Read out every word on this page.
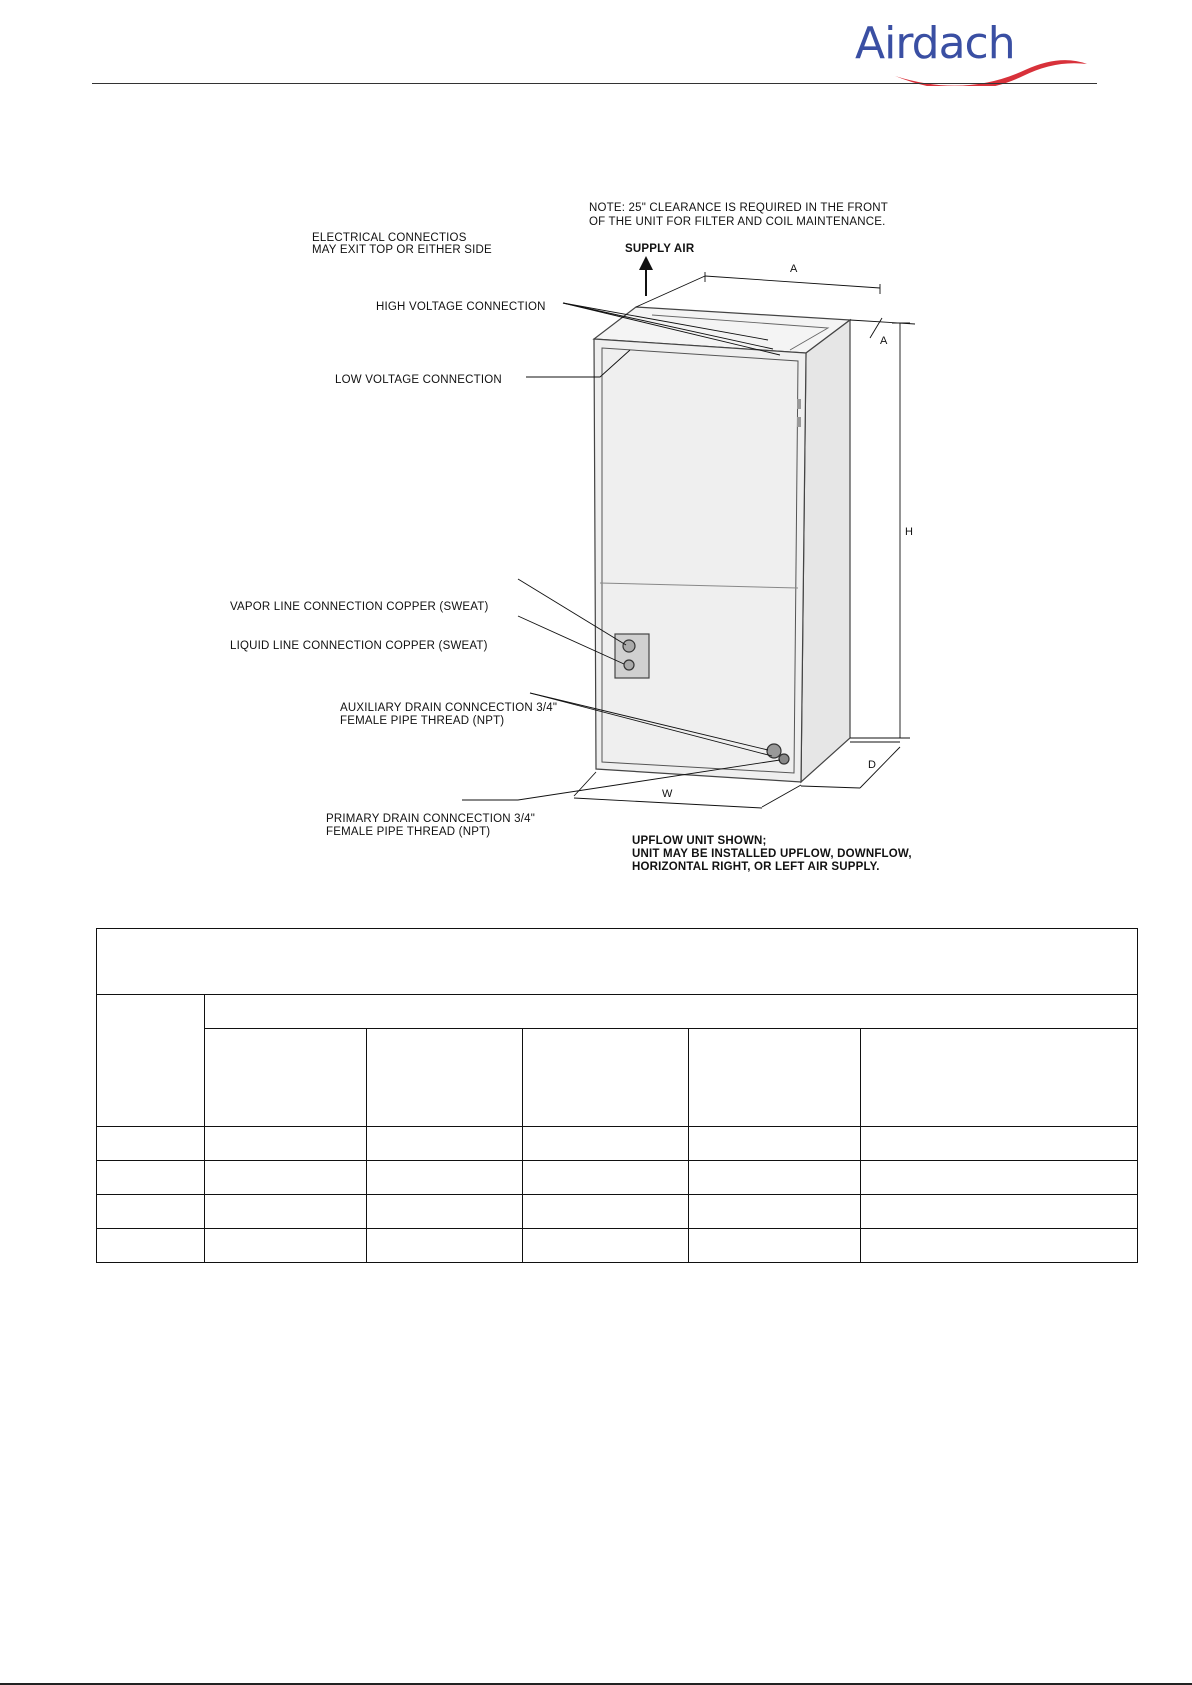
Airdach
A
A
H
W
D
NOTE: 25" CLEARANCE IS REQUIRED IN THE FRONT
OF THE UNIT FOR FILTER AND COIL MAINTENANCE.
ELECTRICAL CONNECTIOS
MAY EXIT TOP OR EITHER SIDE	SUPPLY AIR
HIGH VOLTAGE CONNECTION
LOW VOLTAGE CONNECTION
VAPOR LINE CONNECTION COPPER (SWEAT)
LIQUID LINE CONNECTION COPPER (SWEAT)
AUXILIARY DRAIN CONNCECTION 3/4"
FEMALE PIPE THREAD (NPT)
PRIMARY DRAIN CONNCECTION 3/4"
FEMALE PIPE THREAD (NPT)
UPFLOW UNIT SHOWN;
UNIT MAY BE INSTALLED UPFLOW, DOWNFLOW,
HORIZONTAL RIGHT, OR LEFT AIR SUPPLY.
